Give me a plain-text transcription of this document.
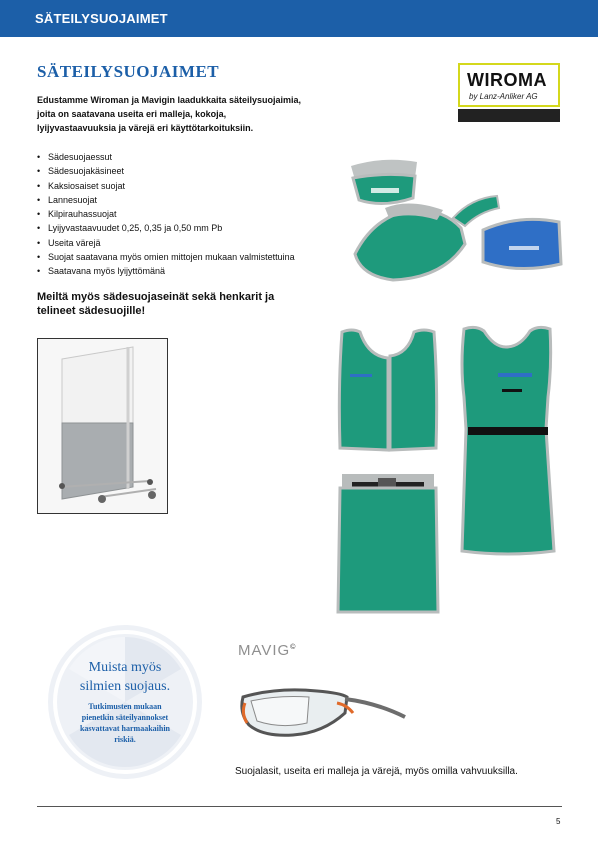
SÄTEILYSUOJAIMET
SÄTEILYSUOJAIMET	WIROMA
by Lanz-Anliker AG

Edustamme Wiroman ja Mavigin laadukkaita säteilysuojaimia, joita on saatavana useita eri malleja, kokoja, lyijyvastaavuuksia ja värejä eri käyttötarkoituksiin.

• Sädesuojaessut
• Sädesuojakäsineet
• Kaksiosaiset suojat
• Lannesuojat
• Kilpirauhassuojat
• Lyijyvastaavuudet 0,25, 0,35 ja 0,50 mm Pb
• Useita värejä
• Suojat saatavana myös omien mittojen mukaan valmistettuina
• Saatavana myös lyijyttömänä

Meiltä myös sädesuojaseinät sekä henkarit ja telineet sädesuojille!

MAVIG©

Suojalasit, useita eri malleja ja värejä, myös omilla vahvuuksilla.

Muista myös
silmien suojaus.

Tutkimusten mukaan pienetkin säteilyannokset kasvattavat harmaakaihin riskiä.

5
